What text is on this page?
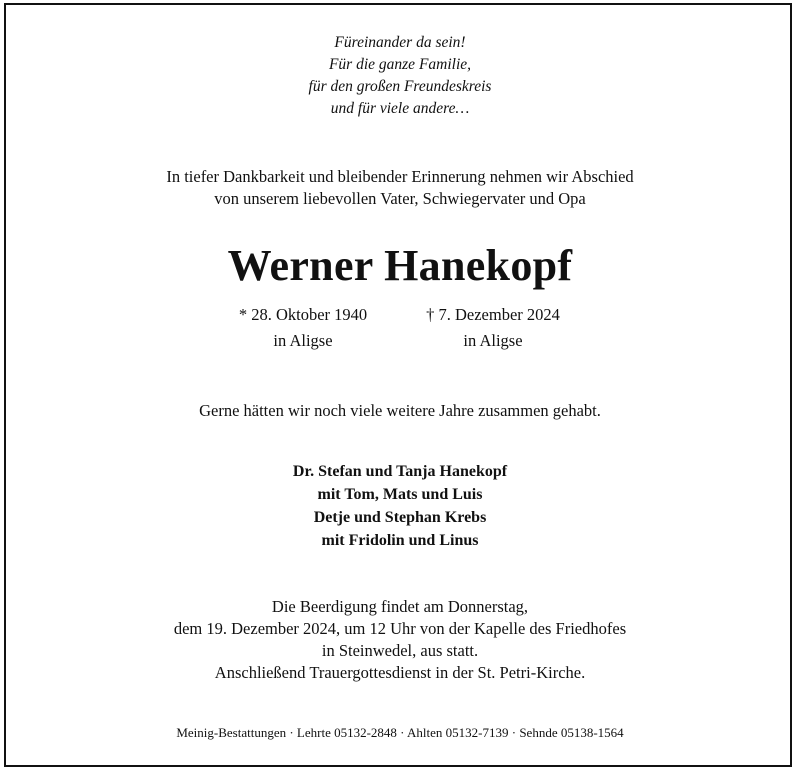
Füreinander da sein!
Für die ganze Familie,
für den großen Freundeskreis
und für viele andere…
In tiefer Dankbarkeit und bleibender Erinnerung nehmen wir Abschied
von unserem liebevollen Vater, Schwiegervater und Opa
Werner Hanekopf
* 28. Oktober 1940
in Aligse
† 7. Dezember 2024
in Aligse
Gerne hätten wir noch viele weitere Jahre zusammen gehabt.
Dr. Stefan und Tanja Hanekopf
mit Tom, Mats und Luis
Detje und Stephan Krebs
mit Fridolin und Linus
Die Beerdigung findet am Donnerstag,
dem 19. Dezember 2024, um 12 Uhr von der Kapelle des Friedhofes
in Steinwedel, aus statt.
Anschließend Trauergottesdienst in der St. Petri-Kirche.
Meinig-Bestattungen · Lehrte 05132-2848 · Ahlten 05132-7139 · Sehnde 05138-1564
